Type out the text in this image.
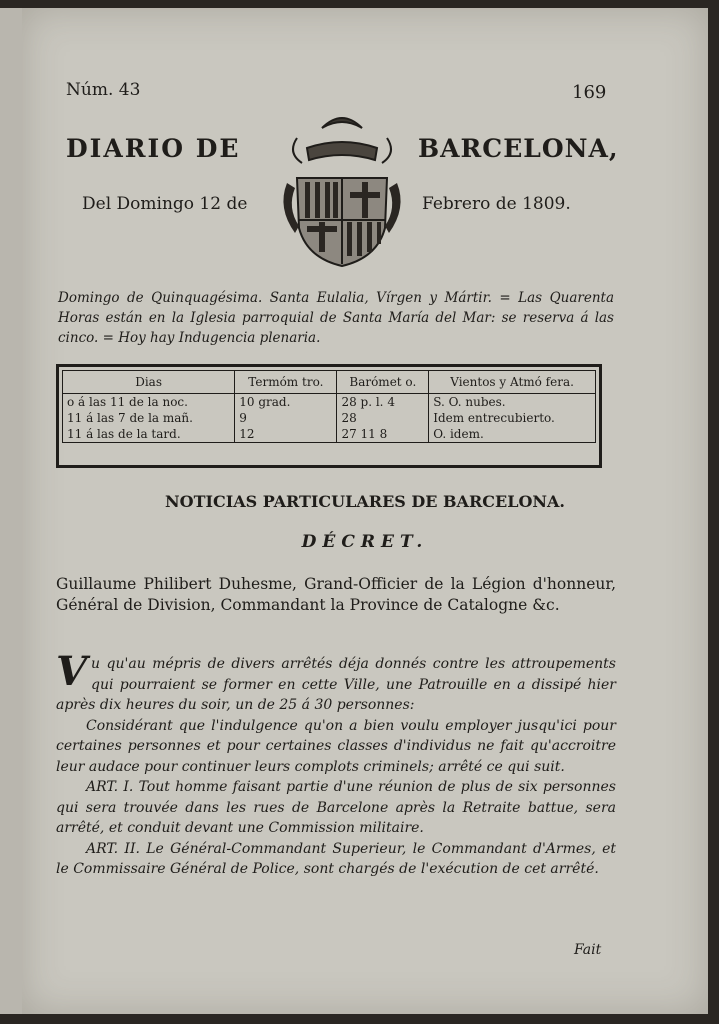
Núm. 43	169
DIARIO DE	BARCELONA,
Del Domingo 12 de	Febrero de 1809.
Domingo de Quinquagésima. Santa Eulalia, Vírgen y Mártir. = Las Quarenta Horas están en la Iglesia parroquial de Santa María del Mar: se reserva á las cinco. = Hoy hay Indugencia plenaria.
Dias	Termóm tro.	Barómet o.	Vientos y Atmó fera.
o á las 11 de la noc.	10 grad.	28 p. l. 4	S. O. nubes.
11 á las 7 de la mañ.	9	28	Idem entrecubierto.
11 á las de la tard.	12	27 11 8	O. idem.
NOTICIAS PARTICULARES DE BARCELONA.
DÉCRET.
Guillaume Philibert Duhesme, Grand-Officier de la Légion d'honneur, Général de Division, Commandant la Province de Catalogne &c.

Vu qu'au mépris de divers arrêtés déja donnés contre les attroupements qui pourraient se former en cette Ville, une Patrouille en a dissipé hier après dix heures du soir, un de 25 á 30 personnes:

Considérant que l'indulgence qu'on a bien voulu employer jusqu'ici pour certaines personnes et pour certaines classes d'individus ne fait qu'accroitre leur audace pour continuer leurs complots criminels; arrêté ce qui suit.

ART. I. Tout homme faisant partie d'une réunion de plus de six personnes qui sera trouvée dans les rues de Barcelone après la Retraite battue, sera arrêté, et conduit devant une Commission militaire.

ART. II. Le Général-Commandant Superieur, le Commandant d'Armes, et le Commissaire Général de Police, sont chargés de l'exécution de cet arrêté.

Fait
